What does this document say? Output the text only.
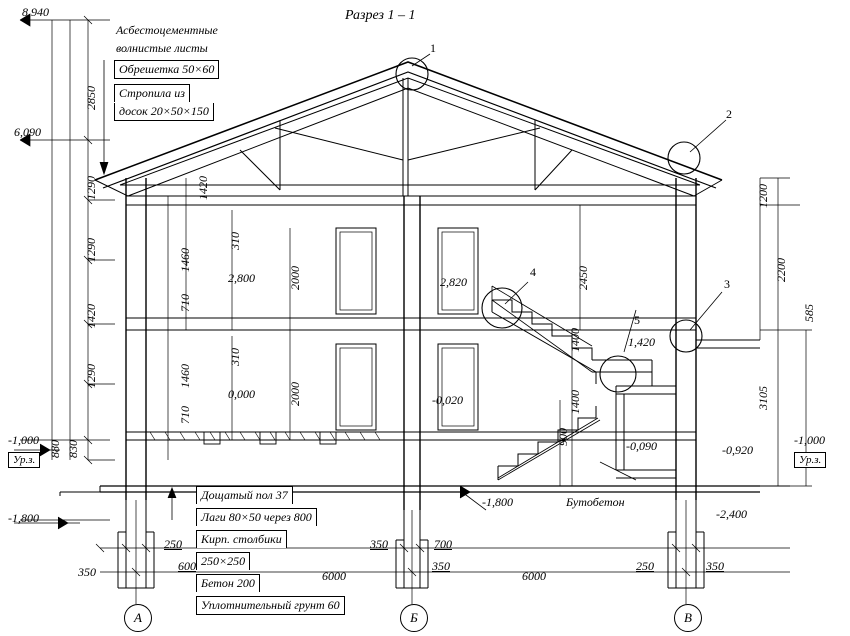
Разрез 1 – 1
Асбестоцементные
волнистые листы
Обрешетка 50×60
Стропила из
досок 20×50×150
8,940
6,090
-1,000
Ур.з.
-1,800
2850
1290
1290
1420
1290
880 830
1420
310
1460
710
310
1460
710
2000
2000
2,800	2,820
0,000	-0,020
-0,090
1,420
-1,800
2450
1400
1400
900
1200
2200
585
3105
-0,920
-1,000
Ур.з.
-2,400
1
2
3
4
5
Дощатый пол 37
Лаги 80×50 через 800
Кирп. столбики
250×250
Бетон 200
Уплотнительный грунт 60
Бутобетон
350	600
250	350
6000
350
700
6000
250	350
А	Б	В
